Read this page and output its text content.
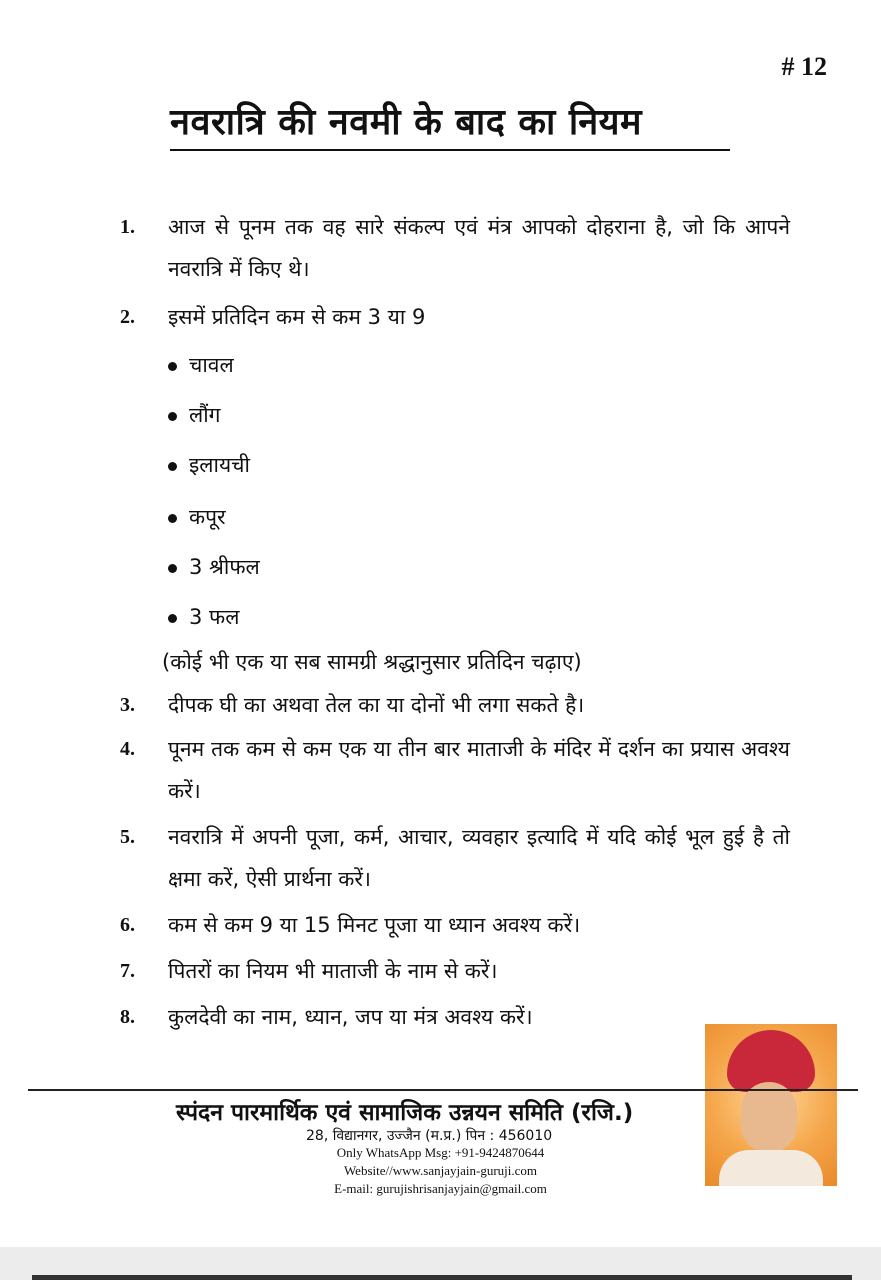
# 12
नवरात्रि की नवमी के बाद का नियम
1. आज से पूनम तक वह सारे संकल्प एवं मंत्र आपको दोहराना है, जो कि आपने नवरात्रि में किए थे।
2. इसमें प्रतिदिन कम से कम 3 या 9
चावल
लौंग
इलायची
कपूर
3 श्रीफल
3 फल
(कोई भी एक या सब सामग्री श्रद्धानुसार प्रतिदिन चढ़ाए)
3. दीपक घी का अथवा तेल का या दोनों भी लगा सकते है।
4. पूनम तक कम से कम एक या तीन बार माताजी के मंदिर में दर्शन का प्रयास अवश्य करें।
5. नवरात्रि में अपनी पूजा, कर्म, आचार, व्यवहार इत्यादि में यदि कोई भूल हुई है तो क्षमा करें, ऐसी प्रार्थना करें।
6. कम से कम 9 या 15 मिनट पूजा या ध्यान अवश्य करें।
7. पितरों का नियम भी माताजी के नाम से करें।
8. कुलदेवी का नाम, ध्यान, जप या मंत्र अवश्य करें।
स्पंदन पारमार्थिक एवं सामाजिक उन्नयन समिति (रजि.)
28, विद्यानगर, उज्जैन (म.प्र.) पिन : 456010
Only WhatsApp Msg: +91-9424870644
Website//www.sanjayjain-guruji.com
E-mail: gurujishrisanjayjain@gmail.com
